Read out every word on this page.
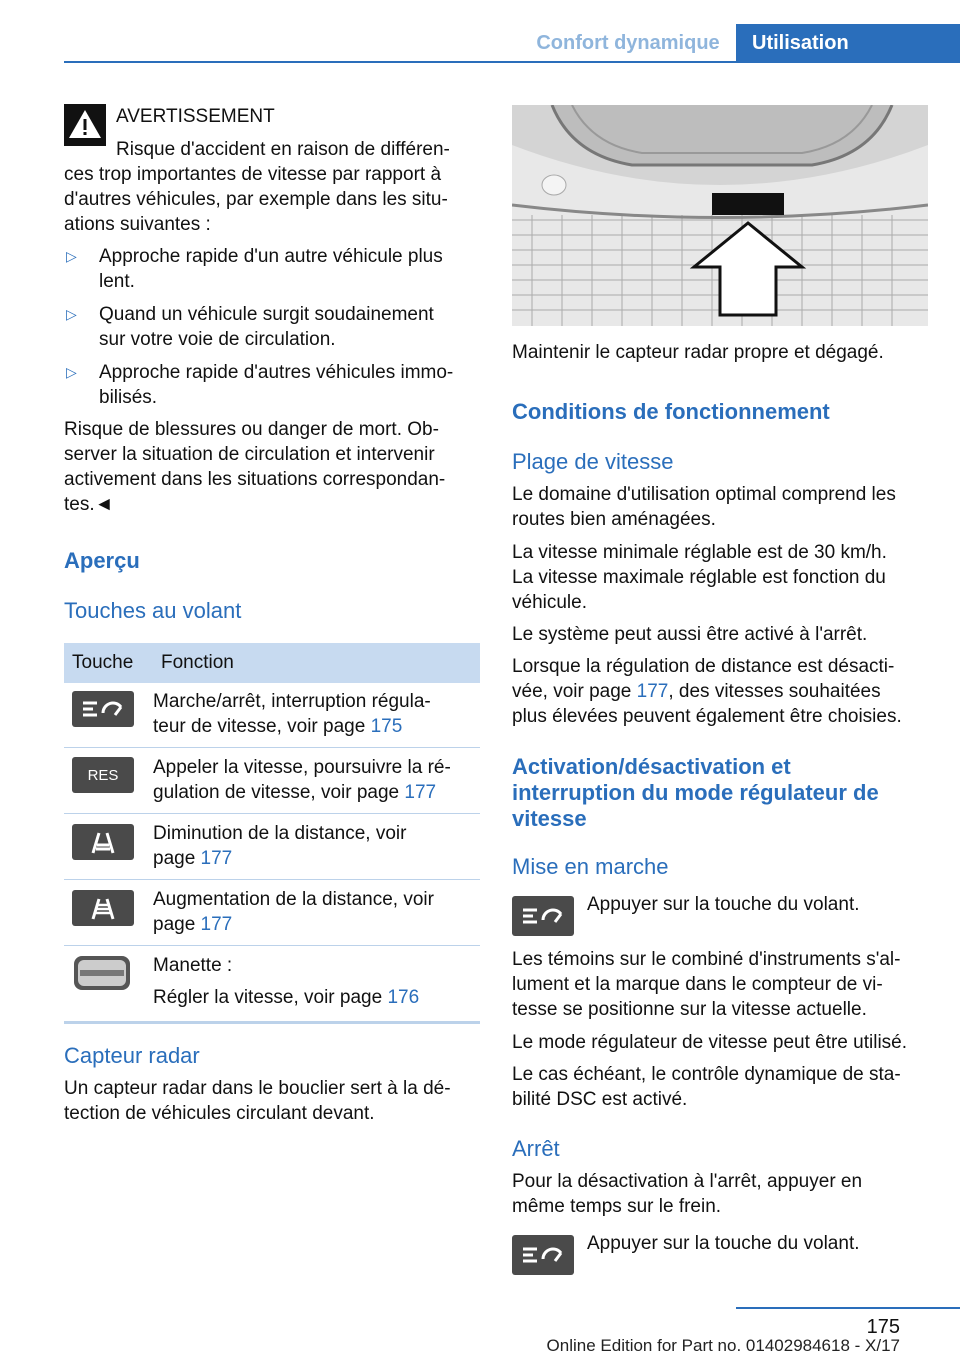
Confort dynamique	Utilisation
AVERTISSEMENT
Risque d'accident en raison de différen‐
ces trop importantes de vitesse par rapport à
d'autres véhicules, par exemple dans les situ‐
ations suivantes :
▷ Approche rapide d'un autre véhicule plus
lent.
▷ Quand un véhicule surgit soudainement
sur votre voie de circulation.
▷ Approche rapide d'autres véhicules immo‐
bilisés.
Risque de blessures ou danger de mort. Ob‐
server la situation de circulation et intervenir
activement dans les situations correspondan‐
tes.◄
Aperçu
Touches au volant
Touche	Fonction
Marche/arrêt, interruption régula‐
teur de vitesse, voir page 175
RES	Appeler la vitesse, poursuivre la ré‐
gulation de vitesse, voir page 177
Diminution de la distance, voir
page 177
Augmentation de la distance, voir
page 177
Manette :
Régler la vitesse, voir page 176
Capteur radar
Un capteur radar dans le bouclier sert à la dé‐
tection de véhicules circulant devant.
Maintenir le capteur radar propre et dégagé.
Conditions de fonctionnement
Plage de vitesse
Le domaine d'utilisation optimal comprend les
routes bien aménagées.
La vitesse minimale réglable est de 30 km/h.
La vitesse maximale réglable est fonction du
véhicule.
Le système peut aussi être activé à l'arrêt.
Lorsque la régulation de distance est désacti‐
vée, voir page 177, des vitesses souhaitées
plus élevées peuvent également être choisies.
Activation/désactivation et
interruption du mode régulateur de
vitesse
Mise en marche
Appuyer sur la touche du volant.
Les témoins sur le combiné d'instruments s'al‐
lument et la marque dans le compteur de vi‐
tesse se positionne sur la vitesse actuelle.
Le mode régulateur de vitesse peut être utilisé.
Le cas échéant, le contrôle dynamique de sta‐
bilité DSC est activé.
Arrêt
Pour la désactivation à l'arrêt, appuyer en
même temps sur le frein.
Appuyer sur la touche du volant.
175
Online Edition for Part no. 01402984618 - X/17
